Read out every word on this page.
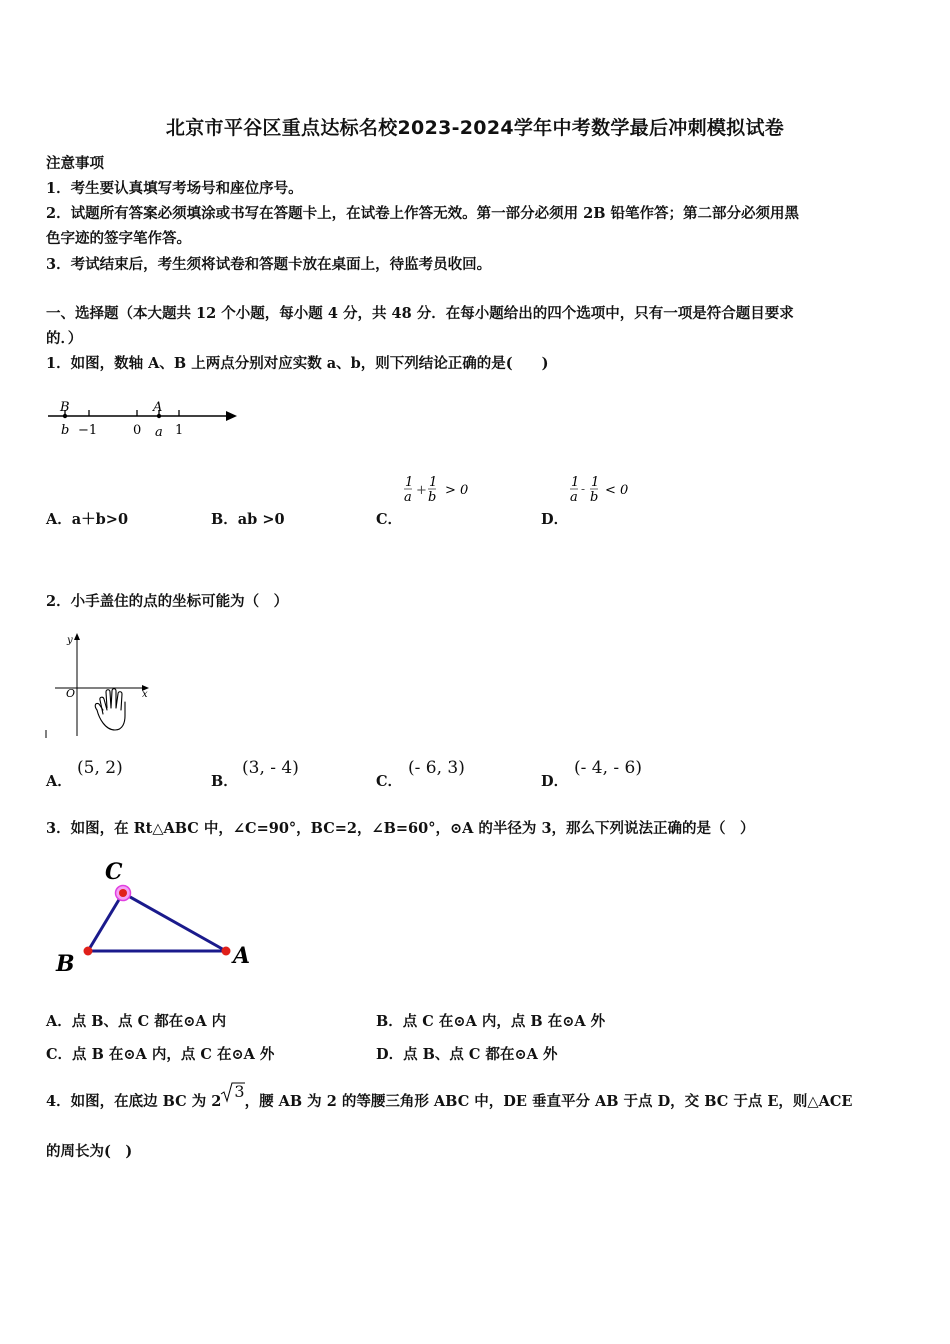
北京市平谷区重点达标名校2023-2024学年中考数学最后冲刺模拟试卷
注意事项
1．考生要认真填写考场号和座位序号。
2．试题所有答案必须填涂或书写在答题卡上，在试卷上作答无效。第一部分必须用 2B 铅笔作答；第二部分必须用黑
色字迹的签字笔作答。
3．考试结束后，考生须将试卷和答题卡放在桌面上，待监考员收回。
一、选择题（本大题共 12 个小题，每小题 4 分，共 48 分．在每小题给出的四个选项中，只有一项是符合题目要求
的．）
1．如图，数轴 A、B 上两点分别对应实数 a、b，则下列结论正确的是(　　)
B	A
b −1	0 a 1
A．a＋b>0	B．ab >0	C．	D．
1
a +
1
b > 0
1
a
- 1
b < 0
2．小手盖住的点的坐标可能为（　）
y
x
O
A．
(5, 2)
B．
(3, - 4)
C．
(- 6, 3)
D．
(- 4, - 6)
3．如图，在 Rt△ABC 中，∠C=90°，BC=2，∠B=60°，⊙A 的半径为 3，那么下列说法正确的是（　）
C
B	A
A．点 B、点 C 都在⊙A 内	B．点 C 在⊙A 内，点 B 在⊙A 外
C．点 B 在⊙A 内，点 C 在⊙A 外	D．点 B、点 C 都在⊙A 外
4．如图，在底边 BC 为 2
3，腰 AB 为 2 的等腰三角形 ABC 中，DE 垂直平分 AB 于点 D，交 BC 于点 E，则△ACE
的周长为(　)
